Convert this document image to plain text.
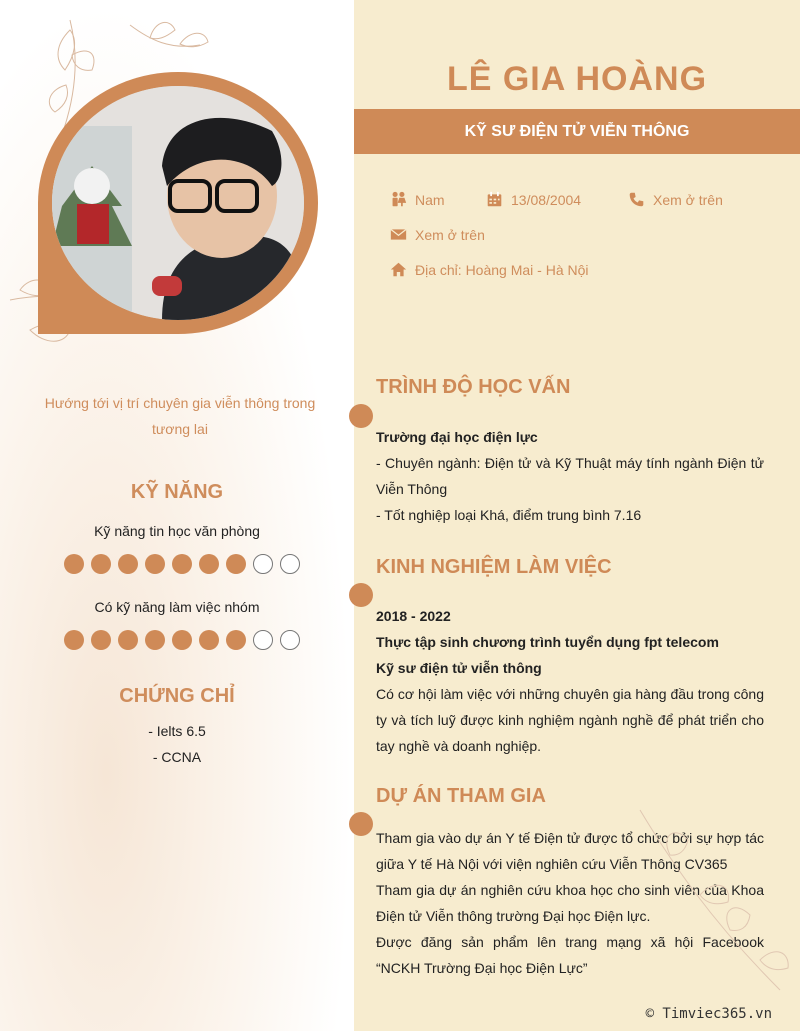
Hướng tới vị trí chuyên gia viễn thông trong tương lai
KỸ NĂNG
Kỹ năng tin học văn phòng
Có kỹ năng làm việc nhóm
CHỨNG CHỈ
- Ielts 6.5
- CCNA
LÊ GIA HOÀNG
KỸ SƯ ĐIỆN TỬ VIỄN THÔNG
Nam	13/08/2004	Xem ở trên
Xem ở trên
Địa chỉ: Hoàng Mai - Hà Nội
TRÌNH ĐỘ HỌC VẤN
Trường đại học điện lực
- Chuyên ngành: Điện tử và Kỹ Thuật máy tính ngành Điện tử Viễn Thông
- Tốt nghiệp loại Khá, điểm trung bình 7.16
KINH NGHIỆM LÀM VIỆC
2018 - 2022
Thực tập sinh chương trình tuyển dụng fpt telecom
Kỹ sư điện tử viễn thông
Có cơ hội làm việc với những chuyên gia hàng đầu trong công ty và tích luỹ được kinh nghiệm ngành nghề để phát triển cho tay nghề và doanh nghiệp.
DỰ ÁN THAM GIA
Tham gia vào dự án Y tế Điện tử được tổ chức bởi sự hợp tác giữa Y tế Hà Nội với viện nghiên cứu Viễn Thông CV365
Tham gia dự án nghiên cứu khoa học cho sinh viên của Khoa Điện tử Viễn thông trường Đại học Điện lực.
Được đăng sản phẩm lên trang mạng xã hội Facebook “NCKH Trường Đại học Điện Lực”
© Timviec365.vn
